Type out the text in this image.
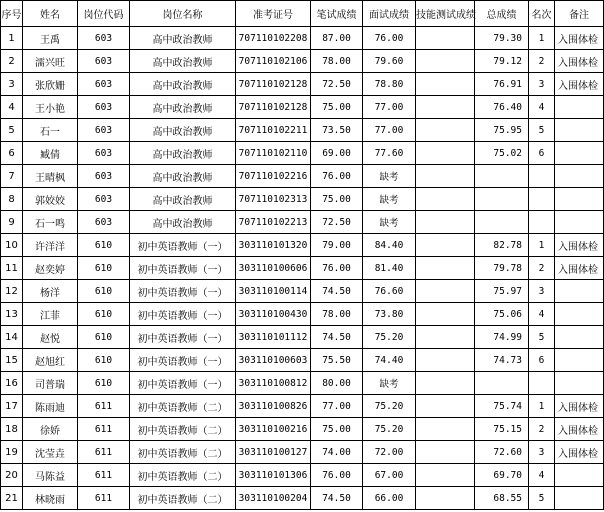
序号	姓名	岗位代码	岗位名称	准考证号	笔试成绩	面试成绩	技能测试成绩	总成绩	名次	备注
1	王禹	603	高中政治教师	707110102208	87.00	76.00		79.30	1	入围体检
2	濡兴旺	603	高中政治教师	707110102106	78.00	79.60		79.12	2	入围体检
3	张欣姗	603	高中政治教师	707110102128	72.50	78.80		76.91	3	入围体检
4	王小艳	603	高中政治教师	707110102128	75.00	77.00		76.40	4	
5	石一	603	高中政治教师	707110102211	73.50	77.00		75.95	5	
6	臧倩	603	高中政治教师	707110102110	69.00	77.60		75.02	6	
7	王晴枫	603	高中政治教师	707110102216	76.00	缺考				
8	郭姣姣	603	高中政治教师	707110102313	75.00	缺考				
9	石一鸣	603	高中政治教师	707110102213	72.50	缺考				
10	许洋洋	610	初中英语教师（一）	303110101320	79.00	84.40		82.78	1	入围体检
11	赵奕婷	610	初中英语教师（一）	303110100606	76.00	81.40		79.78	2	入围体检
12	杨洋	610	初中英语教师（一）	303110100114	74.50	76.60		75.97	3	
13	江菲	610	初中英语教师（一）	303110100430	78.00	73.80		75.06	4	
14	赵悦	610	初中英语教师（一）	303110101112	74.50	75.20		74.99	5	
15	赵旭红	610	初中英语教师（一）	303110100603	75.50	74.40		74.73	6	
16	司普瑞	610	初中英语教师（一）	303110100812	80.00	缺考				
17	陈雨迪	611	初中英语教师（二）	303110100826	77.00	75.20		75.74	1	入围体检
18	徐娇	611	初中英语教师（二）	303110100216	75.00	75.20		75.15	2	入围体检
19	沈莹垚	611	初中英语教师（二）	303110100127	74.00	72.00		72.60	3	入围体检
20	马陈益	611	初中英语教师（二）	303110101306	76.00	67.00		69.70	4	
21	林晓雨	611	初中英语教师（二）	303110100204	74.50	66.00		68.55	5	
